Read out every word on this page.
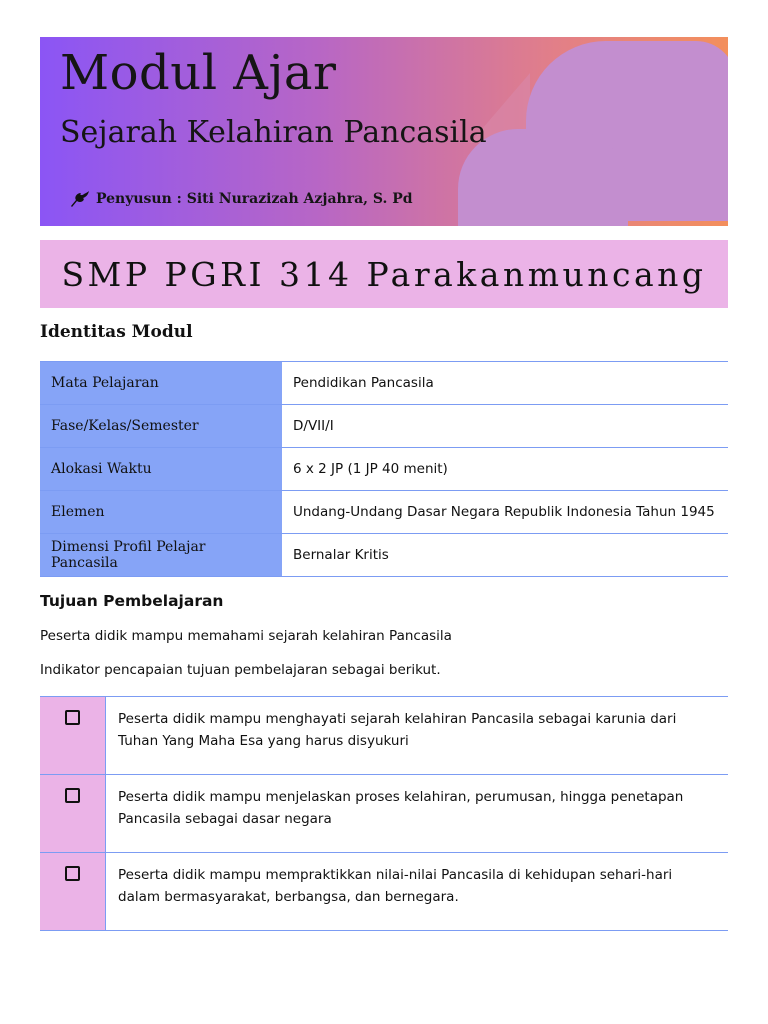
Modul Ajar
Sejarah Kelahiran Pancasila
Penyusun : Siti Nurazizah Azjahra, S. Pd
SMP PGRI 314 Parakanmuncang
Identitas Modul
Mata Pelajaran	Pendidikan Pancasila
Fase/Kelas/Semester	D/VII/I
Alokasi Waktu	6 x 2 JP (1 JP 40 menit)
Elemen	Undang-Undang Dasar Negara Republik Indonesia Tahun 1945
Dimensi Profil Pelajar Pancasila	Bernalar Kritis
Tujuan Pembelajaran

Peserta didik mampu memahami sejarah kelahiran Pancasila

Indikator pencapaian tujuan pembelajaran sebagai berikut.

	Peserta didik mampu menghayati sejarah kelahiran Pancasila sebagai karunia dari
Tuhan Yang Maha Esa yang harus disyukuri
	Peserta didik mampu menjelaskan proses kelahiran, perumusan, hingga penetapan
Pancasila sebagai dasar negara
	Peserta didik mampu mempraktikkan nilai-nilai Pancasila di kehidupan sehari-hari
dalam bermasyarakat, berbangsa, dan bernegara.
